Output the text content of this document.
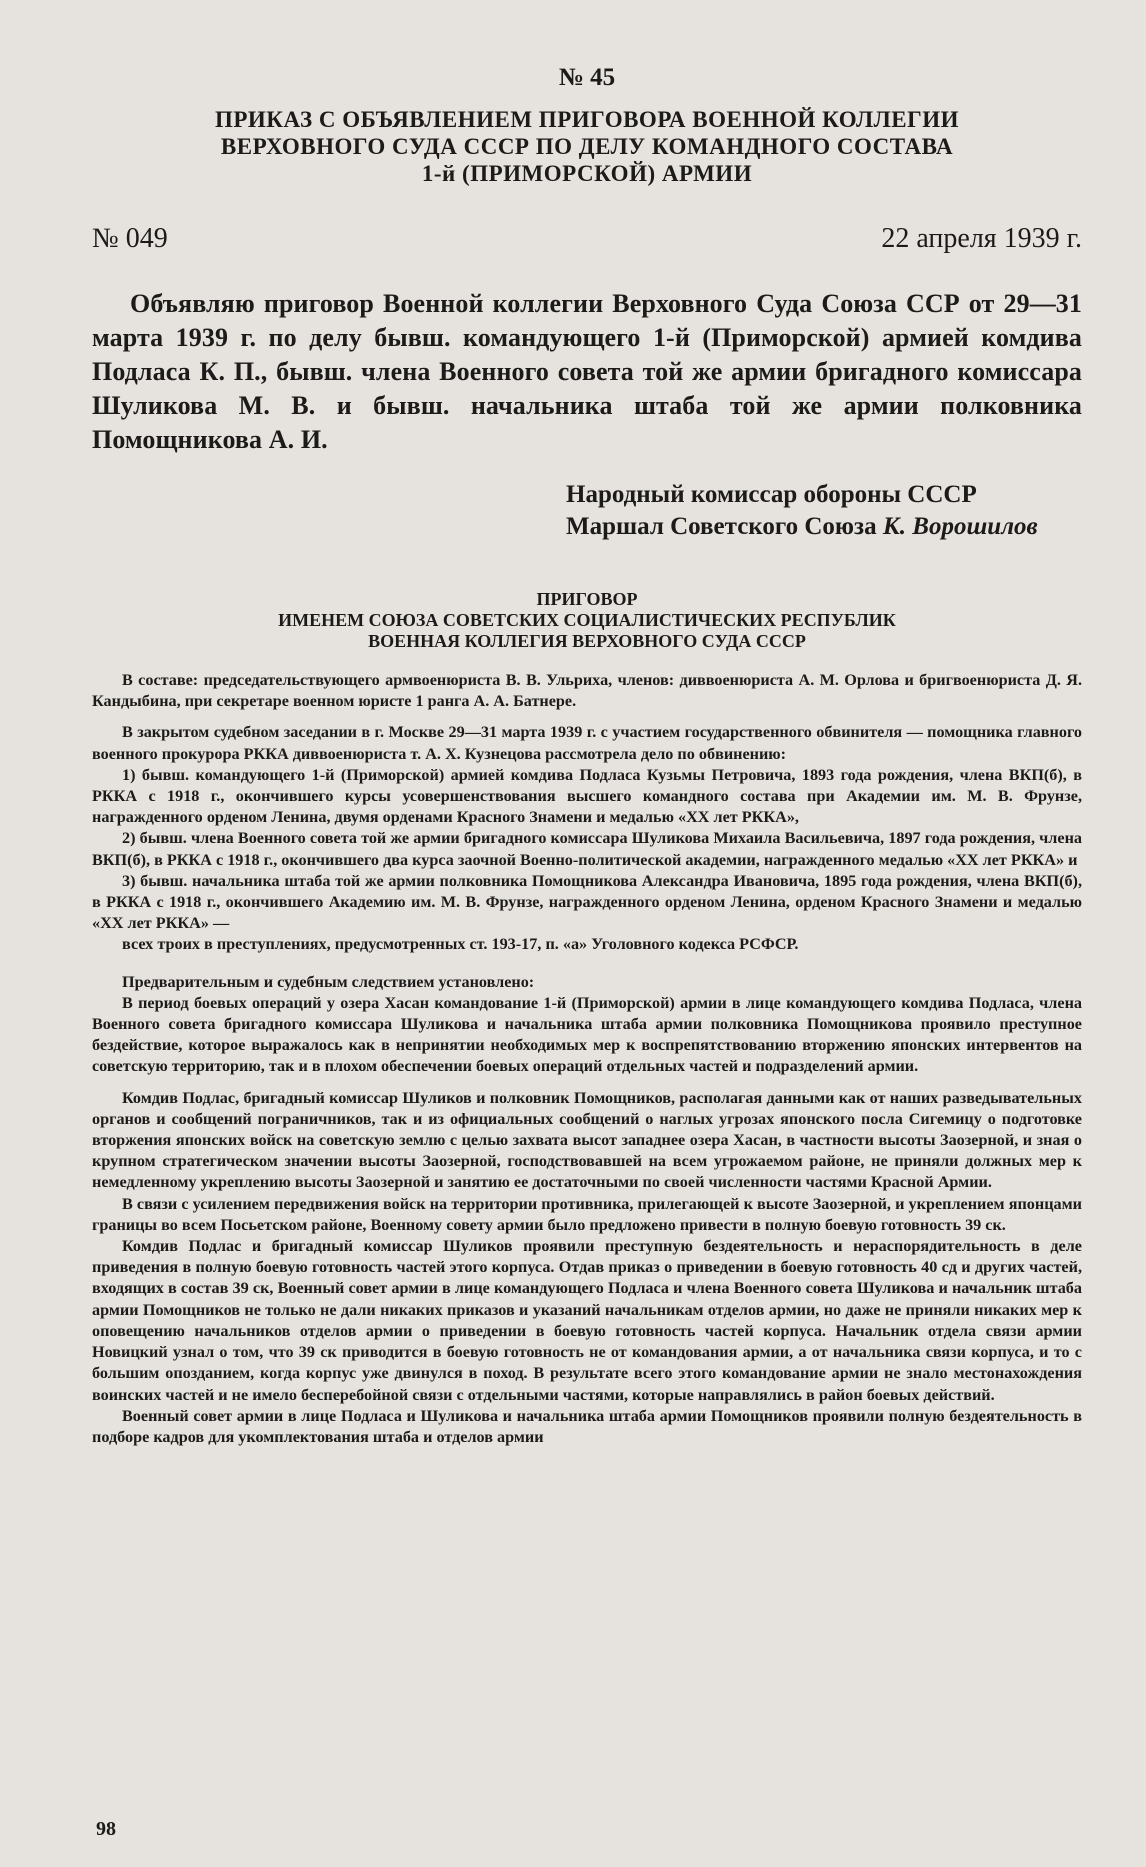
№ 45
ПРИКАЗ С ОБЪЯВЛЕНИЕМ ПРИГОВОРА ВОЕННОЙ КОЛЛЕГИИ
ВЕРХОВНОГО СУДА СССР ПО ДЕЛУ КОМАНДНОГО СОСТАВА
1-й (ПРИМОРСКОЙ) АРМИИ
№ 049	22 апреля 1939 г.

Объявляю приговор Военной коллегии Верховного Суда Союза ССР от 29—31 марта 1939 г. по делу бывш. командующего 1-й (Приморской) армией комдива Подласа К. П., бывш. члена Военного совета той же армии бригадного комиссара Шуликова М. В. и бывш. начальника штаба той же армии полковника Помощникова А. И.

Народный комиссар обороны СССР
Маршал Советского Союза К. Ворошилов
ПРИГОВОР
ИМЕНЕМ СОЮЗА СОВЕТСКИХ СОЦИАЛИСТИЧЕСКИХ РЕСПУБЛИК
ВОЕННАЯ КОЛЛЕГИЯ ВЕРХОВНОГО СУДА СССР

В составе: председательствующего армвоенюриста В. В. Ульриха, членов: диввоенюриста А. М. Орлова и бригвоенюриста Д. Я. Кандыбина, при секретаре военном юристе 1 ранга А. А. Батнере.

В закрытом судебном заседании в г. Москве 29—31 марта 1939 г. с участием государственного обвинителя — помощника главного военного прокурора РККА диввоенюриста т. А. Х. Кузнецова рассмотрела дело по обвинению:

1) бывш. командующего 1-й (Приморской) армией комдива Подласа Кузьмы Петровича, 1893 года рождения, члена ВКП(б), в РККА с 1918 г., окончившего курсы усовершенствования высшего командного состава при Академии им. М. В. Фрунзе, награжденного орденом Ленина, двумя орденами Красного Знамени и медалью «XX лет РККА»,

2) бывш. члена Военного совета той же армии бригадного комиссара Шуликова Михаила Васильевича, 1897 года рождения, члена ВКП(б), в РККА с 1918 г., окончившего два курса заочной Военно-политической академии, награжденного медалью «XX лет РККА» и

3) бывш. начальника штаба той же армии полковника Помощникова Александра Ивановича, 1895 года рождения, члена ВКП(б), в РККА с 1918 г., окончившего Академию им. М. В. Фрунзе, награжденного орденом Ленина, орденом Красного Знамени и медалью «XX лет РККА» —

всех троих в преступлениях, предусмотренных ст. 193-17, п. «а» Уголовного кодекса РСФСР.

Предварительным и судебным следствием установлено:

В период боевых операций у озера Хасан командование 1-й (Приморской) армии в лице командующего комдива Подласа, члена Военного совета бригадного комиссара Шуликова и начальника штаба армии полковника Помощникова проявило преступное бездействие, которое выражалось как в непринятии необходимых мер к воспрепятствованию вторжению японских интервентов на советскую территорию, так и в плохом обеспечении боевых операций отдельных частей и подразделений армии.

Комдив Подлас, бригадный комиссар Шуликов и полковник Помощников, располагая данными как от наших разведывательных органов и сообщений пограничников, так и из официальных сообщений о наглых угрозах японского посла Сигемицу о подготовке вторжения японских войск на советскую землю с целью захвата высот западнее озера Хасан, в частности высоты Заозерной, и зная о крупном стратегическом значении высоты Заозерной, господствовавшей на всем угрожаемом районе, не приняли должных мер к немедленному укреплению высоты Заозерной и занятию ее достаточными по своей численности частями Красной Армии.

В связи с усилением передвижения войск на территории противника, прилегающей к высоте Заозерной, и укреплением японцами границы во всем Посьетском районе, Военному совету армии было предложено привести в полную боевую готовность 39 ск.

Комдив Подлас и бригадный комиссар Шуликов проявили преступную бездеятельность и нераспорядительность в деле приведения в полную боевую готовность частей этого корпуса. Отдав приказ о приведении в боевую готовность 40 сд и других частей, входящих в состав 39 ск, Военный совет армии в лице командующего Подласа и члена Военного совета Шуликова и начальник штаба армии Помощников не только не дали никаких приказов и указаний начальникам отделов армии, но даже не приняли никаких мер к оповещению начальников отделов армии о приведении в боевую готовность частей корпуса. Начальник отдела связи армии Новицкий узнал о том, что 39 ск приводится в боевую готовность не от командования армии, а от начальника связи корпуса, и то с большим опозданием, когда корпус уже двинулся в поход. В результате всего этого командование армии не знало местонахождения воинских частей и не имело бесперебойной связи с отдельными частями, которые направлялись в район боевых действий.

Военный совет армии в лице Подласа и Шуликова и начальника штаба армии Помощников проявили полную бездеятельность в подборе кадров для укомплектования штаба и отделов армии

98
